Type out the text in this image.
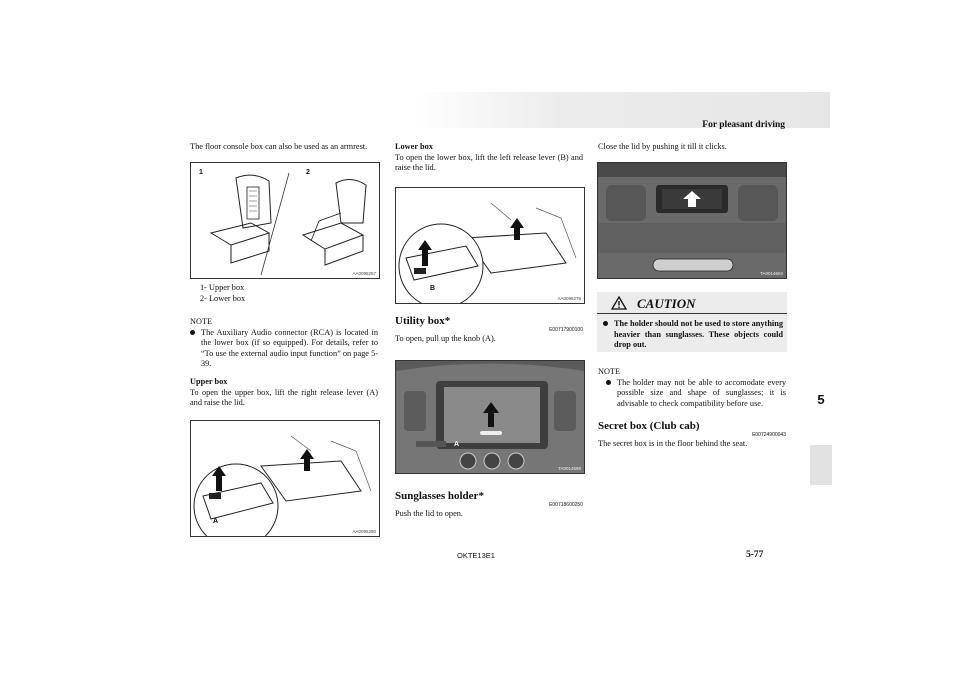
For pleasant driving
5
The floor console box can also be used as an armrest.
1	2
AA0095257
1- Upper box
2- Lower box
NOTE
The Auxiliary Audio connector (RCA) is located in the lower box (if so equipped). For details, refer to “To use the external audio input function” on page 5-39.
Upper box
To open the upper box, lift the right release lever (A) and raise the lid.
A
AA0095280
Lower box
To open the lower box, lift the left release lever (B) and raise the lid.
B
AA0095275
Utility box*
E00717900100
To open, pull up the knob (A).
A
TA0014598
Sunglasses holder*
E00718600250
Push the lid to open.
Close the lid by pushing it till it clicks.
TA0014604
CAUTION
The holder should not be used to store anything heavier than sunglasses. These objects could drop out.
NOTE
The holder may not be able to accomodate every possible size and shape of sunglasses; it is advisable to check compatibility before use.
Secret box (Club cab)
E00724900043
The secret box is in the floor behind the seat.
OKTE13E1	5-77
